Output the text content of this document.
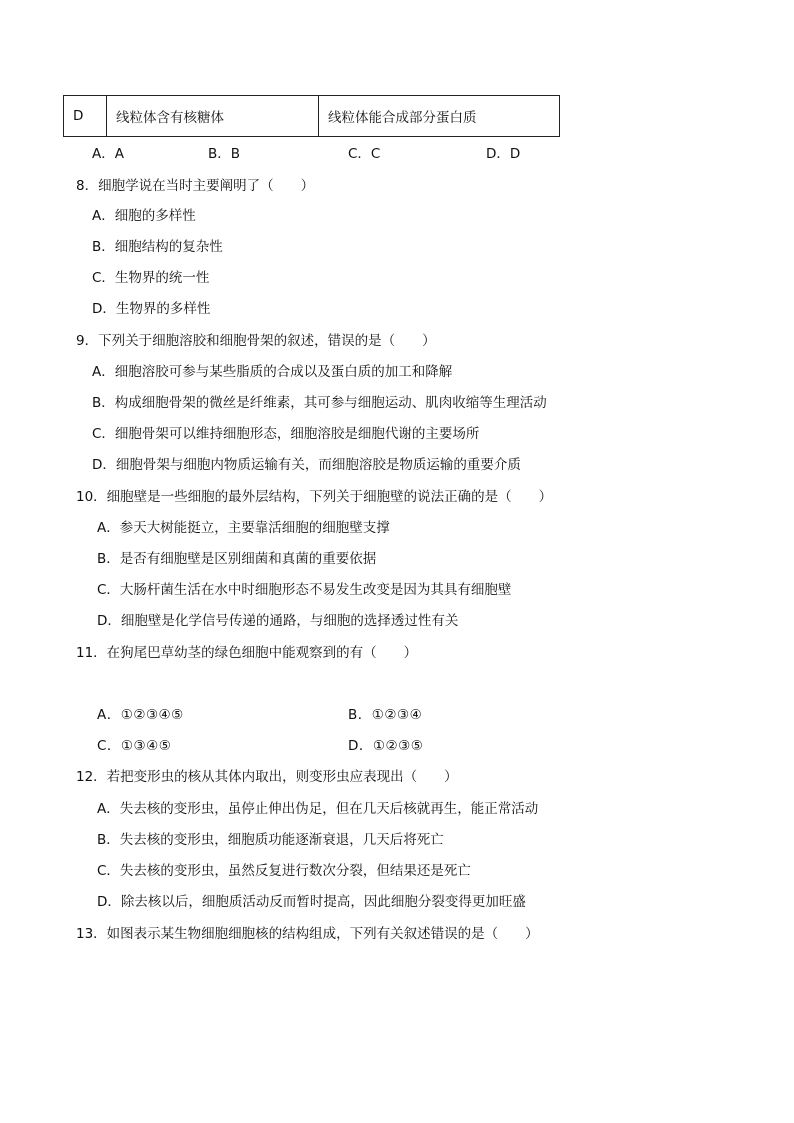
D	线粒体含有核糖体	线粒体能合成部分蛋白质
A．A	B．B	C．C	D．D
8．细胞学说在当时主要阐明了（　　）
A．细胞的多样性
B．细胞结构的复杂性
C．生物界的统一性
D．生物界的多样性
9．下列关于细胞溶胶和细胞骨架的叙述，错误的是（　　）
A．细胞溶胶可参与某些脂质的合成以及蛋白质的加工和降解
B．构成细胞骨架的微丝是纤维素，其可参与细胞运动、肌肉收缩等生理活动
C．细胞骨架可以维持细胞形态，细胞溶胶是细胞代谢的主要场所
D．细胞骨架与细胞内物质运输有关，而细胞溶胶是物质运输的重要介质
10．细胞壁是一些细胞的最外层结构，下列关于细胞壁的说法正确的是（　　）
A．参天大树能挺立，主要靠活细胞的细胞壁支撑
B．是否有细胞壁是区别细菌和真菌的重要依据
C．大肠杆菌生活在水中时细胞形态不易发生改变是因为其具有细胞壁
D．细胞壁是化学信号传递的通路，与细胞的选择透过性有关
11．在狗尾巴草幼茎的绿色细胞中能观察到的有（　　）
A．①②③④⑤	B．①②③④
C．①③④⑤	D．①②③⑤
12．若把变形虫的核从其体内取出，则变形虫应表现出（　　）
A．失去核的变形虫，虽停止伸出伪足，但在几天后核就再生，能正常活动
B．失去核的变形虫，细胞质功能逐渐衰退，几天后将死亡
C．失去核的变形虫，虽然反复进行数次分裂，但结果还是死亡
D．除去核以后，细胞质活动反而暂时提高，因此细胞分裂变得更加旺盛
13．如图表示某生物细胞细胞核的结构组成，下列有关叙述错误的是（　　）
